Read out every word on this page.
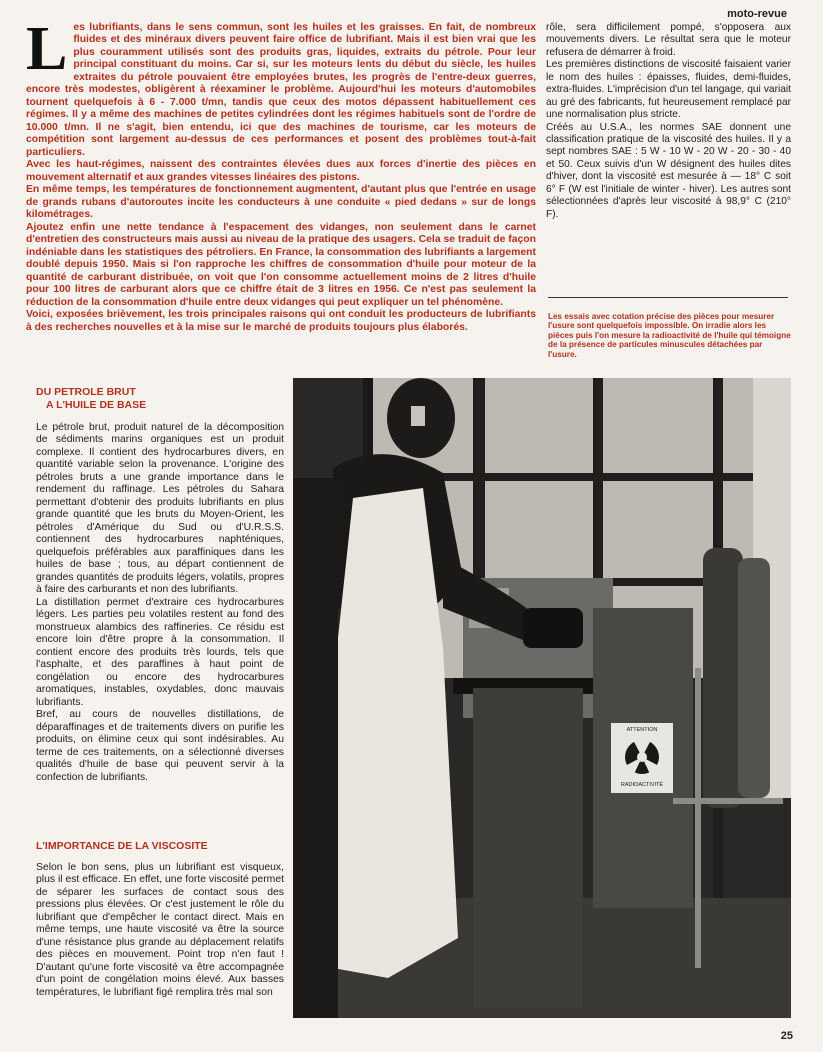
moto-revue
L es lubrifiants, dans le sens commun, sont les huiles et les graisses. En fait, de nombreux fluides et des minéraux divers peuvent faire office de lubrifiant. Mais il est bien vrai que les plus couramment utilisés sont des produits gras, liquides, extraits du pétrole. Pour leur principal constituant du moins. Car si, sur les moteurs lents du début du siècle, les huiles extraites du pétrole pouvaient être employées brutes, les progrès de l'entre-deux guerres, encore très modestes, obligèrent à réexaminer le problème. Aujourd'hui les moteurs d'automobiles tournent quelquefois à 6 - 7.000 t/mn, tandis que ceux des motos dépassent habituellement ces régimes. Il y a même des machines de petites cylindrées dont les régimes habituels sont de l'ordre de 10.000 t/mn. Il ne s'agit, bien entendu, ici que des machines de tourisme, car les moteurs de compétition sont largement au-dessus de ces performances et posent des problèmes tout-à-fait particuliers.

Avec les haut-régimes, naissent des contraintes élevées dues aux forces d'inertie des pièces en mouvement alternatif et aux grandes vitesses linéaires des pistons.

En même temps, les températures de fonctionnement augmentent, d'autant plus que l'entrée en usage de grands rubans d'autoroutes incite les conducteurs à une conduite « pied dedans » sur de longs kilométrages.

Ajoutez enfin une nette tendance à l'espacement des vidanges, non seulement dans le carnet d'entretien des constructeurs mais aussi au niveau de la pratique des usagers. Cela se traduit de façon indéniable dans les statistiques des pétroliers. En France, la consommation des lubrifiants a largement doublé depuis 1950. Mais si l'on rapproche les chiffres de consommation d'huile pour moteur de la quantité de carburant distribuée, on voit que l'on consomme actuellement moins de 2 litres d'huile pour 100 litres de carburant alors que ce chiffre était de 3 litres en 1956. Ce n'est pas seulement la réduction de la consommation d'huile entre deux vidanges qui peut expliquer un tel phénomène.

Voici, exposées brièvement, les trois principales raisons qui ont conduit les producteurs de lubrifiants à des recherches nouvelles et à la mise sur le marché de produits toujours plus élaborés.

rôle, sera difficilement pompé, s'opposera aux mouvements divers. Le résultat sera que le moteur refusera de démarrer à froid.

Les premières distinctions de viscosité faisaient varier le nom des huiles : épaisses, fluides, demi-fluides, extra-fluides. L'imprécision d'un tel langage, qui variait au gré des fabricants, fut heureusement remplacé par une normalisation plus stricte.

Créés au U.S.A., les normes SAE donnent une classification pratique de la viscosité des huiles. Il y a sept nombres SAE : 5 W - 10 W - 20 W - 20 - 30 - 40 et 50. Ceux suivis d'un W désignent des huiles dites d'hiver, dont la viscosité est mesurée à — 18° C soit 6° F (W est l'initiale de winter - hiver). Les autres sont sélectionnées d'après leur viscosité à 98,9° C (210° F).

Les essais avec cotation précise des pièces pour mesurer l'usure sont quelquefois impossible. On irradie alors les pièces puis l'on mesure la radioactivité de l'huile qui témoigne de la présence de particules minuscules détachées par l'usure.
DU PETROLE BRUT
A L'HUILE DE BASE

Le pétrole brut, produit naturel de la décomposition de sédiments marins organiques est un produit complexe. Il contient des hydrocarbures divers, en quantité variable selon la provenance. L'origine des pétroles bruts a une grande importance dans le rendement du raffinage. Les pétroles du Sahara permettant d'obtenir des produits lubrifiants en plus grande quantité que les bruts du Moyen-Orient, les pétroles d'Amérique du Sud ou d'U.R.S.S. contiennent des hydrocarbures naphténiques, quelquefois préférables aux paraffiniques dans les huiles de base ; tous, au départ contiennent de grandes quantités de produits légers, volatils, propres à faire des carburants et non des lubrifiants.

La distillation permet d'extraire ces hydrocarbures légers. Les parties peu volatiles restent au fond des monstrueux alambics des raffineries. Ce résidu est encore loin d'être propre à la consommation. Il contient encore des produits très lourds, tels que l'asphalte, et des paraffines à haut point de congélation ou encore des hydrocarbures aromatiques, instables, oxydables, donc mauvais lubrifiants.

Bref, au cours de nouvelles distillations, de déparaffinages et de traitements divers on purifie les produits, on élimine ceux qui sont indésirables. Au terme de ces traitements, on a sélectionné diverses qualités d'huile de base qui peuvent servir à la confection de lubrifiants.

L'IMPORTANCE DE LA VISCOSITE

Selon le bon sens, plus un lubrifiant est visqueux, plus il est efficace. En effet, une forte viscosité permet de séparer les surfaces de contact sous des pressions plus élevées. Or c'est justement le rôle du lubrifiant que d'empêcher le contact direct. Mais en même temps, une haute viscosité va être la source d'une résistance plus grande au déplacement relatifs des pièces en mouvement. Point trop n'en faut ! D'autant qu'une forte viscosité va être accompagnée d'un point de congélation moins élevé. Aux basses températures, le lubrifiant figé remplira très mal son

ATTENTION
RADIOACTIVITÉ
25
